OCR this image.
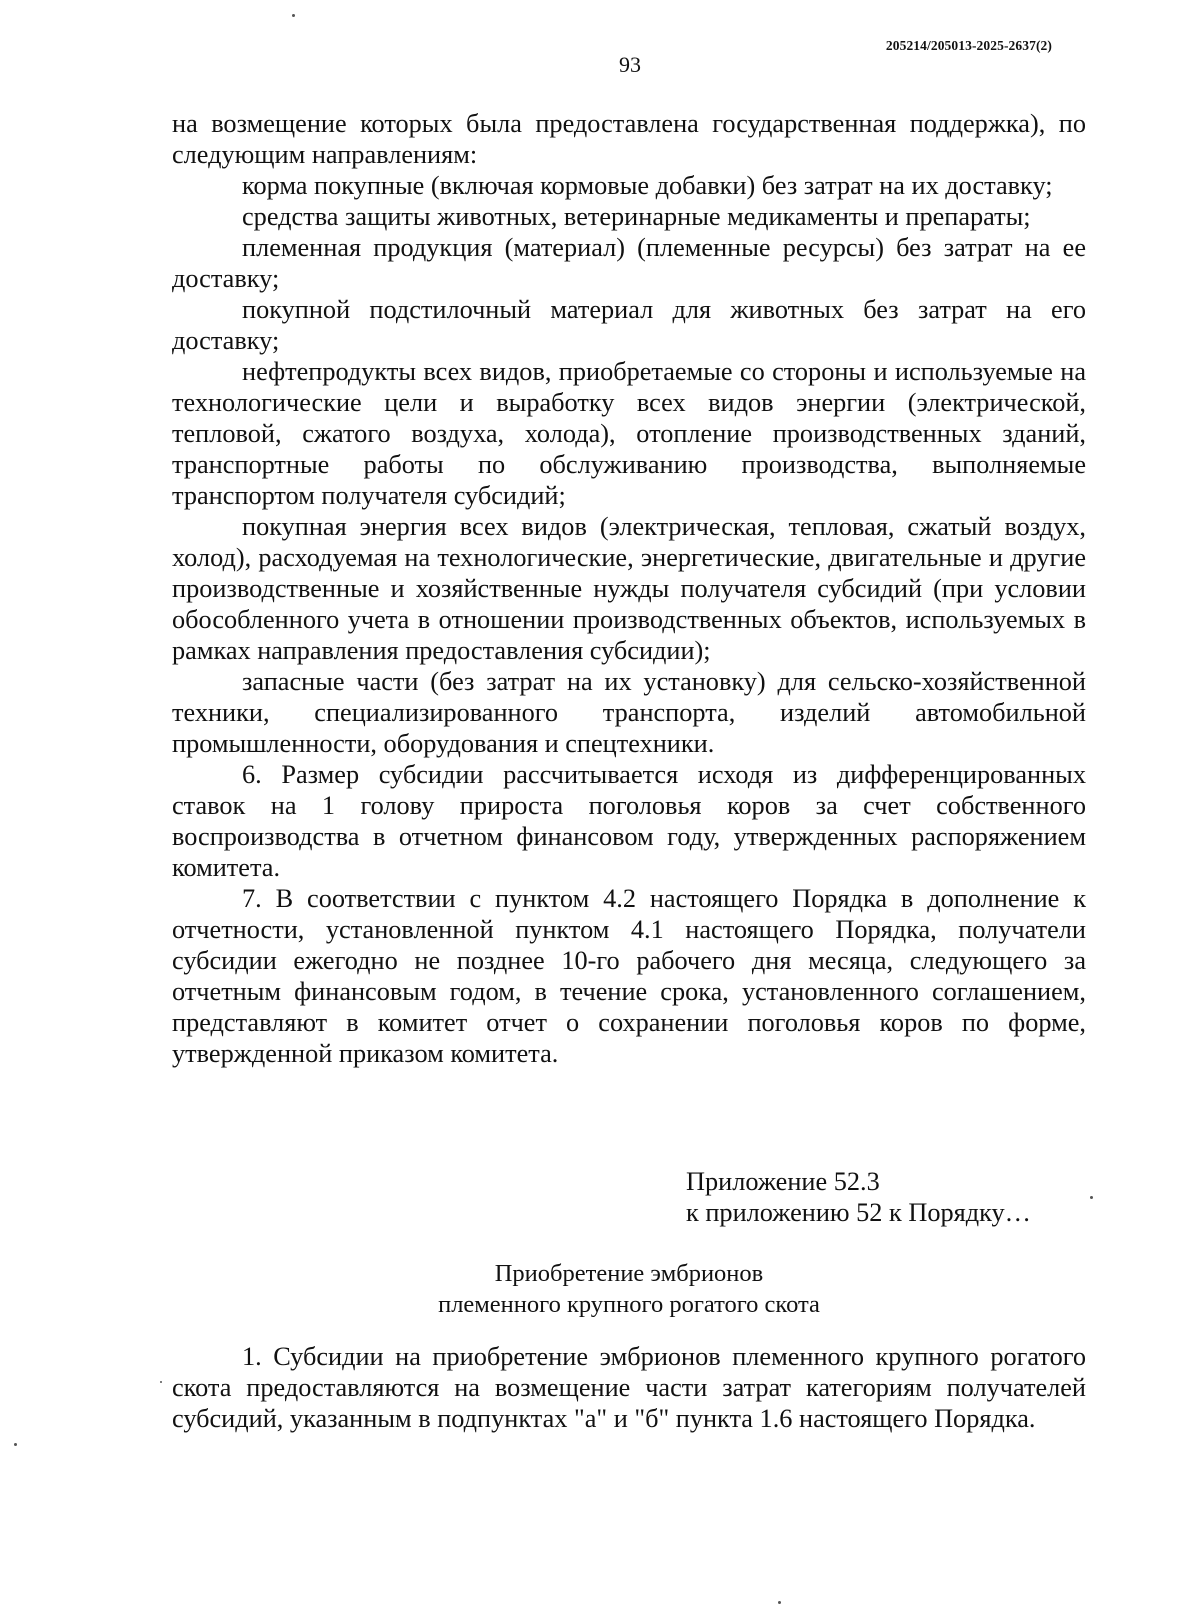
205214/205013-2025-2637(2)
93

на возмещение которых была предоставлена государственная поддержка), по следующим направлениям:

корма покупные (включая кормовые добавки) без затрат на их доставку;

средства защиты животных, ветеринарные медикаменты и препараты;

племенная продукция (материал) (племенные ресурсы) без затрат на ее доставку;

покупной подстилочный материал для животных без затрат на его доставку;

нефтепродукты всех видов, приобретаемые со стороны и используемые на технологические цели и выработку всех видов энергии (электрической, тепловой, сжатого воздуха, холода), отопление производственных зданий, транспортные работы по обслуживанию производства, выполняемые транспортом получателя субсидий;

покупная энергия всех видов (электрическая, тепловая, сжатый воздух, холод), расходуемая на технологические, энергетические, двигательные и другие производственные и хозяйственные нужды получателя субсидий (при условии обособленного учета в отношении производственных объектов, используемых в рамках направления предоставления субсидии);

запасные части (без затрат на их установку) для сельско-хозяйственной техники, специализированного транспорта, изделий автомобильной промышленности, оборудования и спецтехники.

6. Размер субсидии рассчитывается исходя из дифференцированных ставок на 1 голову прироста поголовья коров за счет собственного воспроизводства в отчетном финансовом году, утвержденных распоряжением комитета.

7. В соответствии с пунктом 4.2 настоящего Порядка в дополнение к отчетности, установленной пунктом 4.1 настоящего Порядка, получатели субсидии ежегодно не позднее 10-го рабочего дня месяца, следующего за отчетным финансовым годом, в течение срока, установленного соглашением, представляют в комитет отчет о сохранении поголовья коров по форме, утвержденной приказом комитета.

Приложение 52.3
к приложению 52 к Порядку…
Приобретение эмбрионов
племенного крупного рогатого скота

1. Субсидии на приобретение эмбрионов племенного крупного рогатого скота предоставляются на возмещение части затрат категориям получателей субсидий, указанным в подпунктах "а" и "б" пункта 1.6 настоящего Порядка.
